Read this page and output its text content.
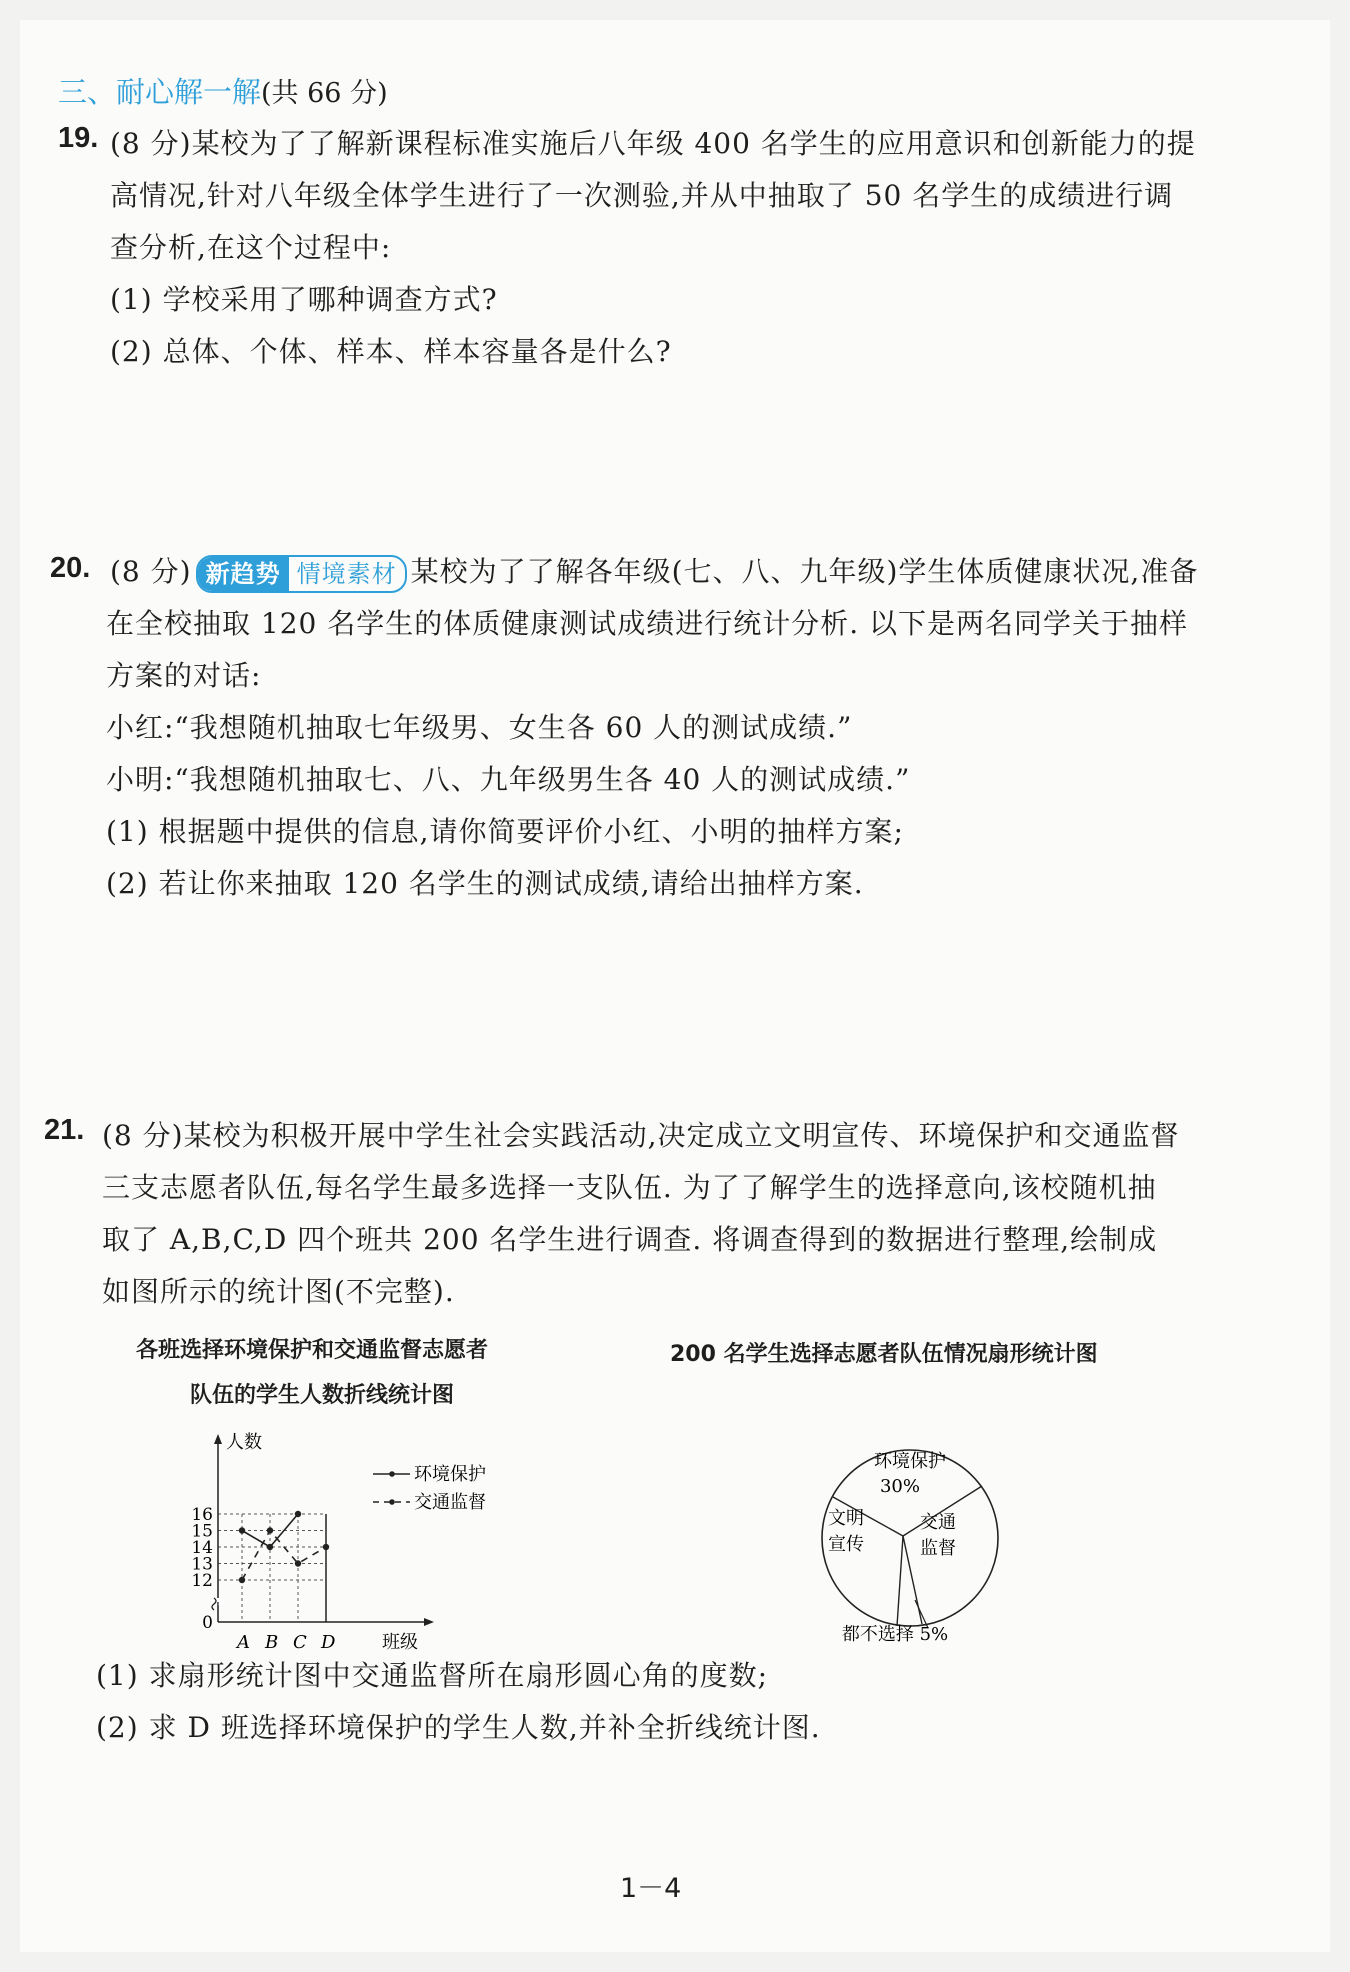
三、耐心解一解(共 66 分)
19. (8 分)某校为了了解新课程标准实施后八年级 400 名学生的应用意识和创新能力的提
高情况,针对八年级全体学生进行了一次测验,并从中抽取了 50 名学生的成绩进行调
查分析,在这个过程中:
(1) 学校采用了哪种调查方式?
(2) 总体、个体、样本、样本容量各是什么?
20. (8 分) 新趋势 情境素材 某校为了了解各年级(七、八、九年级)学生体质健康状况,准备
在全校抽取 120 名学生的体质健康测试成绩进行统计分析. 以下是两名同学关于抽样
方案的对话:
小红:“我想随机抽取七年级男、女生各 60 人的测试成绩.”
小明:“我想随机抽取七、八、九年级男生各 40 人的测试成绩.”
(1) 根据题中提供的信息,请你简要评价小红、小明的抽样方案;
(2) 若让你来抽取 120 名学生的测试成绩,请给出抽样方案.
21. (8 分)某校为积极开展中学生社会实践活动,决定成立文明宣传、环境保护和交通监督
三支志愿者队伍,每名学生最多选择一支队伍. 为了了解学生的选择意向,该校随机抽
取了 A,B,C,D 四个班共 200 名学生进行调查. 将调查得到的数据进行整理,绘制成
如图所示的统计图(不完整).
各班选择环境保护和交通监督志愿者
队伍的学生人数折线统计图
200 名学生选择志愿者队伍情况扇形统计图
人数
班级
0
12
13
14
15
16
A B C D
环境保护
交通监督
环境保护
30%
交通
监督
文明
宣传
都不选择 5%
(1) 求扇形统计图中交通监督所在扇形圆心角的度数;
(2) 求 D 班选择环境保护的学生人数,并补全折线统计图.
1－4
